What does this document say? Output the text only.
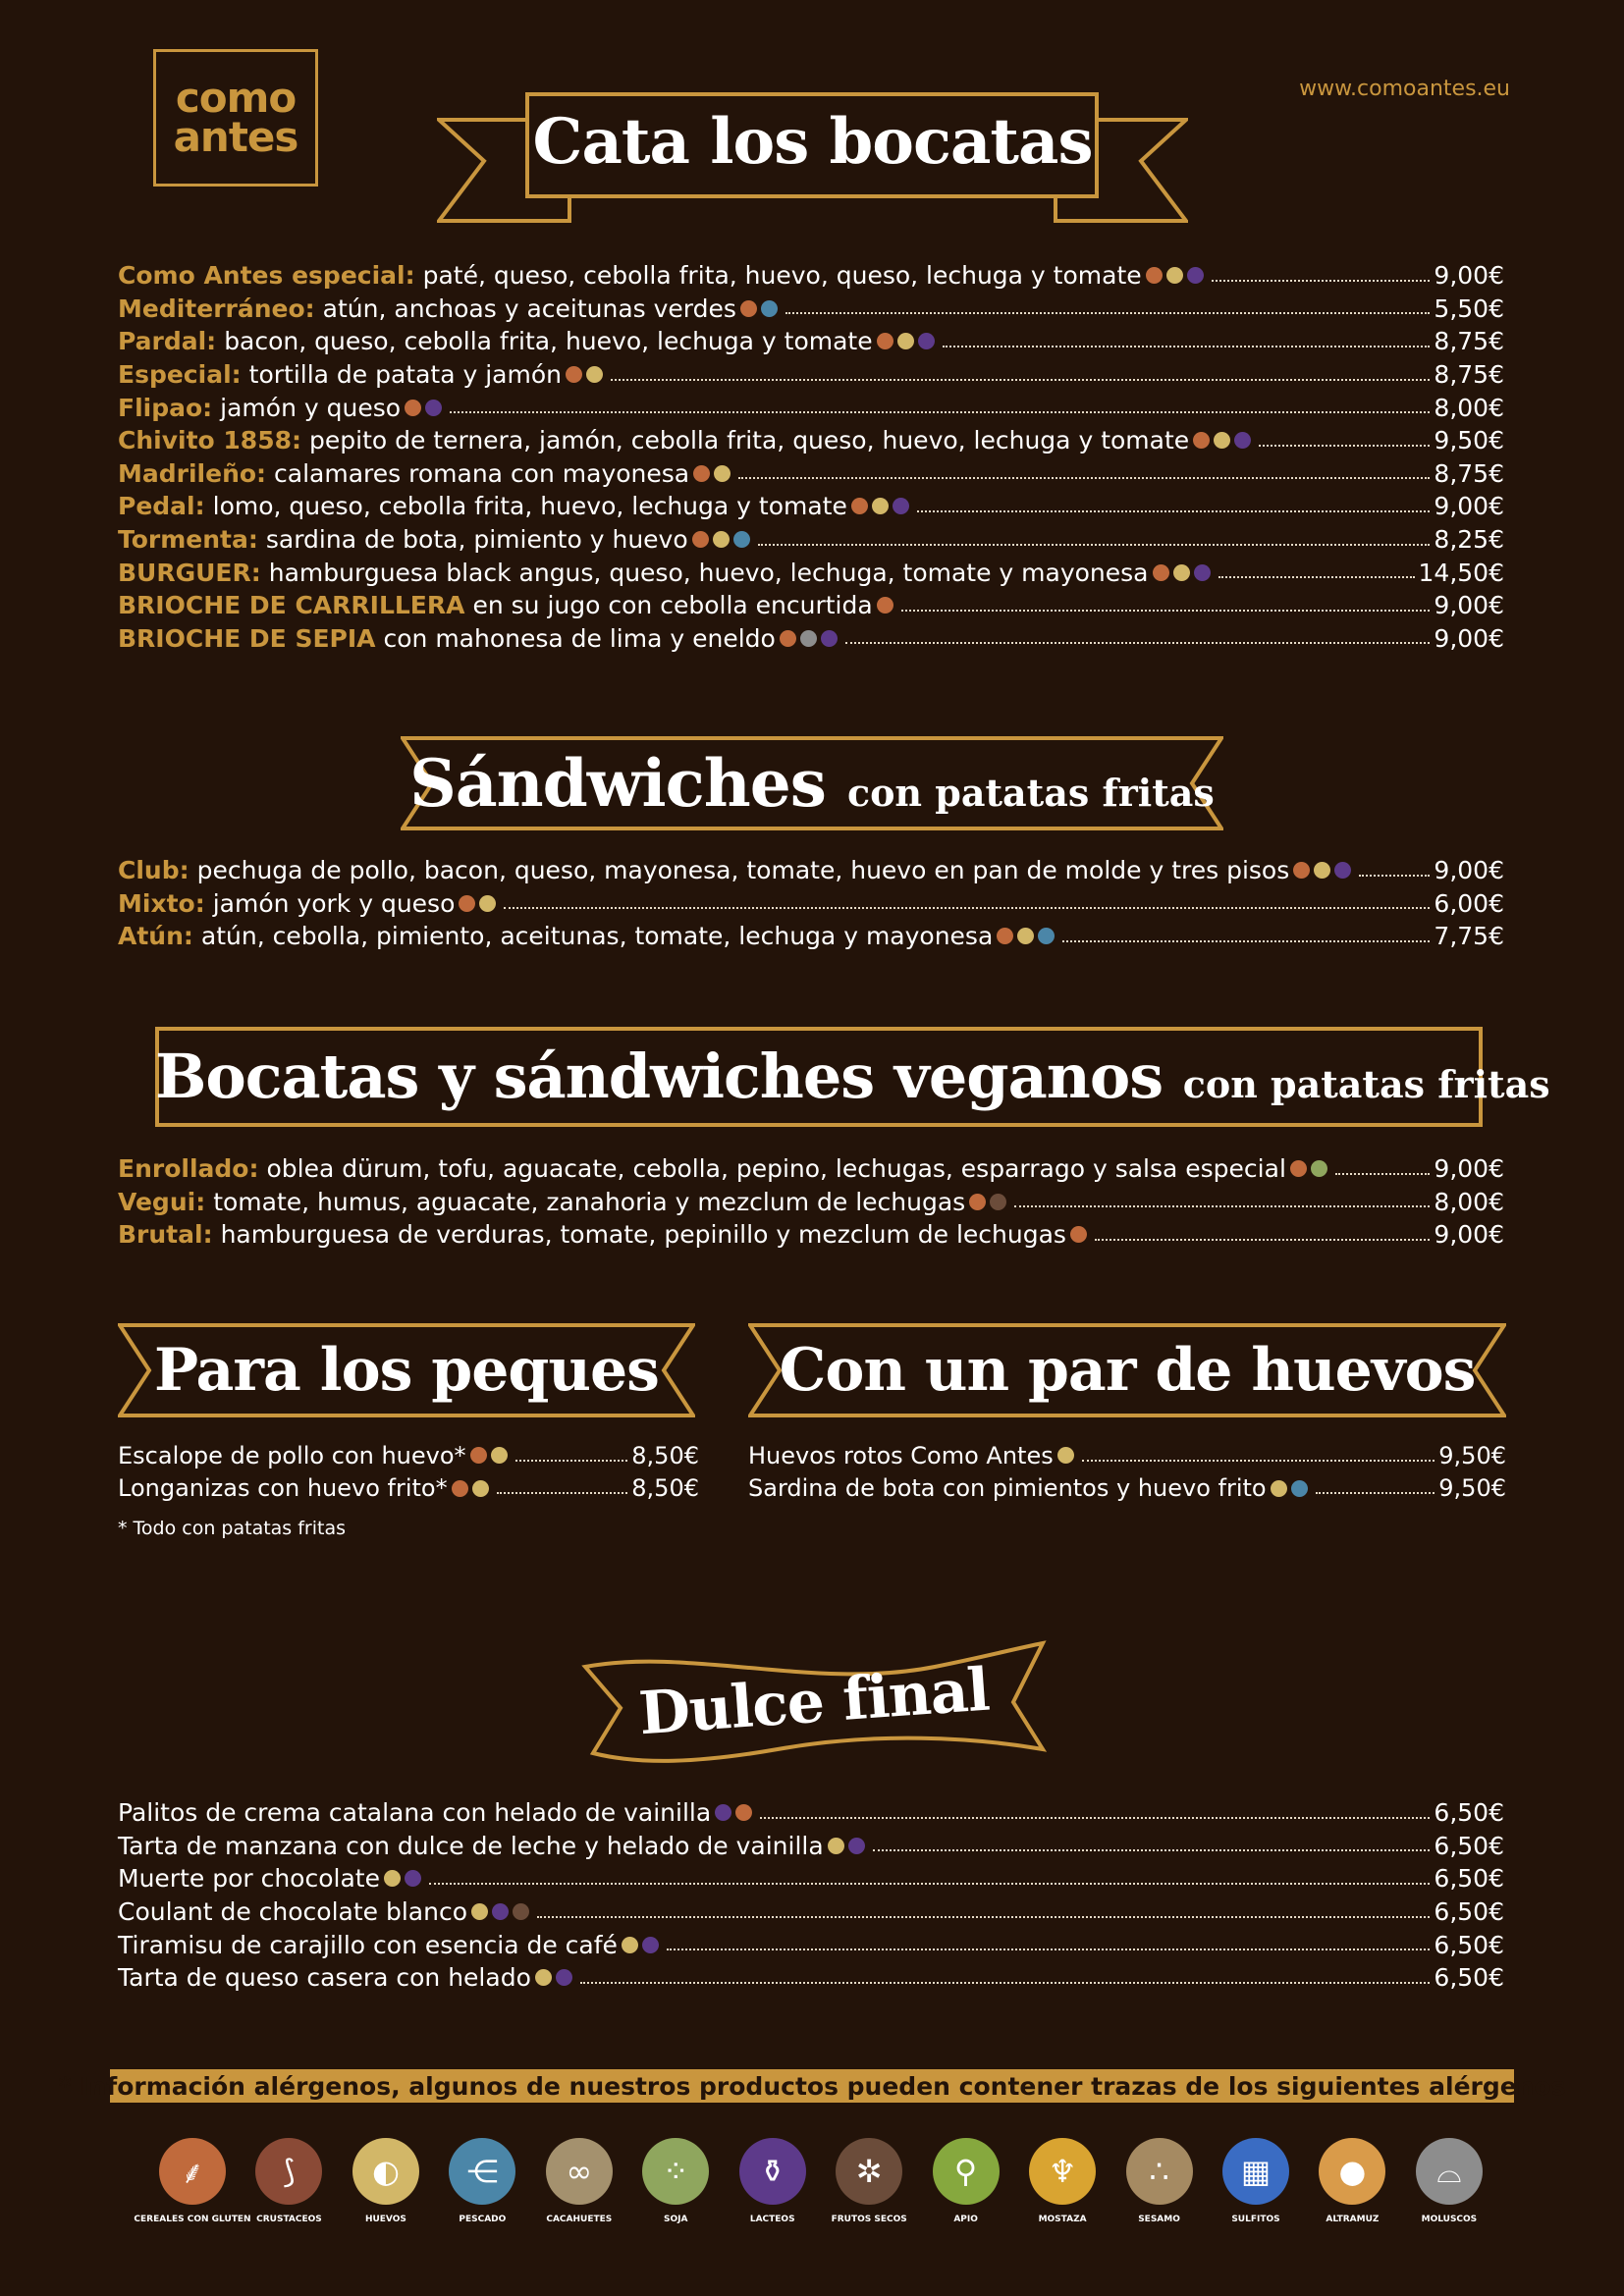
como
antes
www.comoantes.eu
Cata los bocatas
Como Antes especial: paté, queso, cebolla frita, huevo, queso, lechuga y tomate	9,00€
Mediterráneo: atún, anchoas y aceitunas verdes	5,50€
Pardal: bacon, queso, cebolla frita, huevo, lechuga y tomate	8,75€
Especial: tortilla de patata y jamón	8,75€
Flipao: jamón y queso	8,00€
Chivito 1858: pepito de ternera, jamón, cebolla frita, queso, huevo, lechuga y tomate	9,50€
Madrileño: calamares romana con mayonesa	8,75€
Pedal: lomo, queso, cebolla frita, huevo, lechuga y tomate	9,00€
Tormenta: sardina de bota, pimiento y huevo	8,25€
BURGUER: hamburguesa black angus, queso, huevo, lechuga, tomate y mayonesa	14,50€
BRIOCHE DE CARRILLERA en su jugo con cebolla encurtida	9,00€
BRIOCHE DE SEPIA con mahonesa de lima y eneldo	9,00€
Sándwiches con patatas fritas
Club: pechuga de pollo, bacon, queso, mayonesa, tomate, huevo en pan de molde y tres pisos	9,00€
Mixto: jamón york y queso	6,00€
Atún: atún, cebolla, pimiento, aceitunas, tomate, lechuga y mayonesa	7,75€
Bocatas y sándwiches veganos con patatas fritas
Enrollado: oblea dürum, tofu, aguacate, cebolla, pepino, lechugas, esparrago y salsa especial	9,00€
Vegui: tomate, humus, aguacate, zanahoria y mezclum de lechugas	8,00€
Brutal: hamburguesa de verduras, tomate, pepinillo y mezclum de lechugas	9,00€
Para los peques	Con un par de huevos
Escalope de pollo con huevo*	8,50€
Longanizas con huevo frito*	8,50€
* Todo con patatas fritas
Huevos rotos Como Antes	9,50€
Sardina de bota con pimientos y huevo frito	9,50€
Dulce final
Palitos de crema catalana con helado de vainilla	6,50€
Tarta de manzana con dulce de leche y helado de vainilla	6,50€
Muerte por chocolate	6,50€
Coulant de chocolate blanco	6,50€
Tiramisu de carajillo con esencia de café	6,50€
Tarta de queso casera con helado	6,50€
* Información alérgenos, algunos de nuestros productos pueden contener trazas de los siguientes alérgenos
⸙
CEREALES CON GLUTEN
⟆
CRUSTACEOS
◐
HUEVOS
⋲
PESCADO
∞
CACAHUETES
⁘
SOJA
⚱
LACTEOS
✲
FRUTOS SECOS
⚲
APIO
♆
MOSTAZA
∴
SESAMO
▦
SULFITOS
●
ALTRAMUZ
⌓
MOLUSCOS
